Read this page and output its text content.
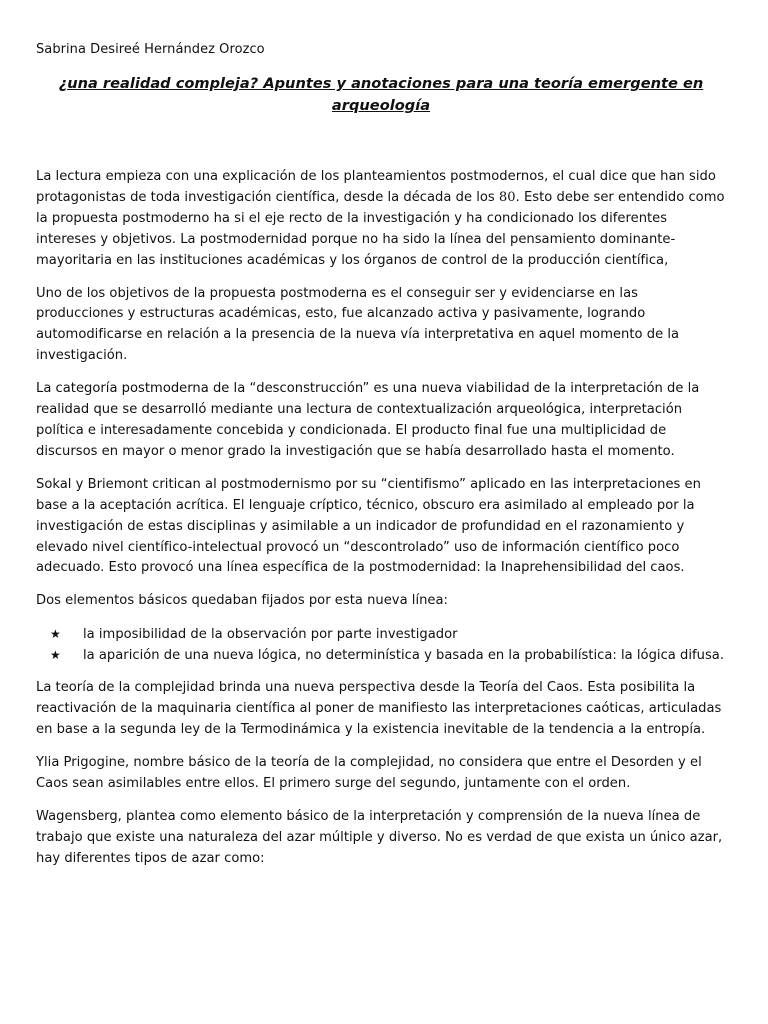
Sabrina Desireé Hernández Orozco
¿una realidad compleja? Apuntes y anotaciones para una teoría emergente en arqueología

La lectura empieza con una explicación de los planteamientos postmodernos, el cual dice que han sido protagonistas de toda investigación científica, desde la década de los 80. Esto debe ser entendido como la propuesta postmoderno ha si el eje recto de la investigación y ha condicionado los diferentes intereses y objetivos. La postmodernidad porque no ha sido la línea del pensamiento dominante-mayoritaria en las instituciones académicas y los órganos de control de la producción científica,

Uno de los objetivos de la propuesta postmoderna es el conseguir ser y evidenciarse en las producciones y estructuras académicas, esto, fue alcanzado activa y pasivamente, logrando automodificarse en relación a la presencia de la nueva vía interpretativa en aquel momento de la investigación.

La categoría postmoderna de la “desconstrucción” es una nueva viabilidad de la interpretación de la realidad que se desarrolló mediante una lectura de contextualización arqueológica, interpretación política e interesadamente concebida y condicionada. El producto final fue una multiplicidad de discursos en mayor o menor grado la investigación que se había desarrollado hasta el momento.

Sokal y Briemont critican al postmodernismo por su “cientifismo” aplicado en las interpretaciones en base a la aceptación acrítica. El lenguaje críptico, técnico, obscuro era asimilado al empleado por la investigación de estas disciplinas y asimilable a un indicador de profundidad en el razonamiento y elevado nivel científico-intelectual provocó un “descontrolado” uso de información científico poco adecuado. Esto provocó una línea específica de la postmodernidad: la Inaprehensibilidad del caos.

Dos elementos básicos quedaban fijados por esta nueva línea:

★ la imposibilidad de la observación por parte investigador
★ la aparición de una nueva lógica, no determinística y basada en la probabilística: la lógica difusa.

La teoría de la complejidad brinda una nueva perspectiva desde la Teoría del Caos. Esta posibilita la reactivación de la maquinaria científica al poner de manifiesto las interpretaciones caóticas, articuladas en base a la segunda ley de la Termodinámica y la existencia inevitable de la tendencia a la entropía.

Ylia Prigogine, nombre básico de la teoría de la complejidad, no considera que entre el Desorden y el Caos sean asimilables entre ellos. El primero surge del segundo, juntamente con el orden.

Wagensberg, plantea como elemento básico de la interpretación y comprensión de la nueva línea de trabajo que existe una naturaleza del azar múltiple y diverso. No es verdad de que exista un único azar, hay diferentes tipos de azar como:
